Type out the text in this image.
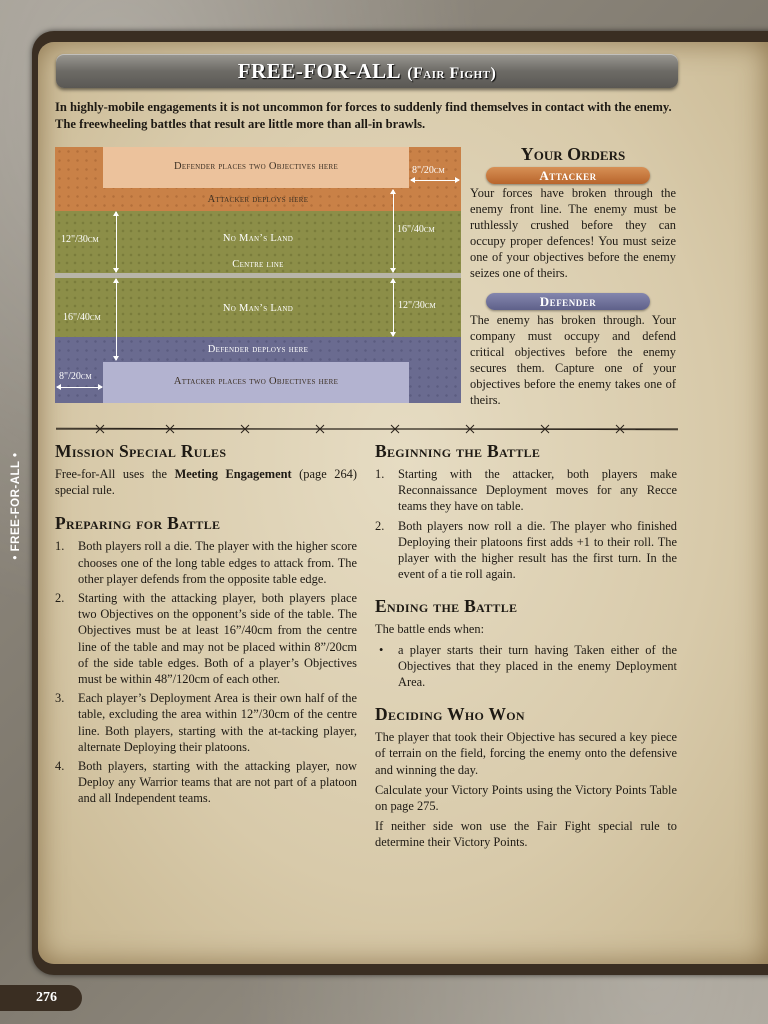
• FREE-FOR-ALL •
FREE-FOR-ALL (Fair Fight)
In highly-mobile engagements it is not uncommon for forces to suddenly find themselves in contact with the enemy. The freewheeling battles that result are little more than all-in brawls.
Defender places two Objectives here
Attacker deploys here
No Man’s Land
Centre line
No Man’s Land
Defender deploys here
Attacker places two Objectives here
8"/20cm
12"/30cm
16"/40cm
16"/40cm
12"/30cm
8"/20cm
Your Orders
Attacker
Your forces have broken through the enemy front line. The enemy must be ruthlessly crushed before they can occupy proper defences! You must seize one of your objectives before the enemy seizes one of theirs.
Defender
The enemy has broken through. Your company must occupy and defend critical objectives before the enemy secures them. Capture one of your objectives before the enemy takes one of theirs.
Mission Special Rules
Free-for-All uses the Meeting Engagement (page 264) special rule.
Preparing for Battle
1. Both players roll a die. The player with the higher score chooses one of the long table edges to attack from. The other player defends from the opposite table edge.
2. Starting with the attacking player, both players place two Objectives on the opponent’s side of the table. The Objectives must be at least 16”/40cm from the centre line of the table and may not be placed within 8”/20cm of the side table edges. Both of a player’s Objectives must be within 48”/120cm of each other.
3. Each player’s Deployment Area is their own half of the table, excluding the area within 12”/30cm of the centre line. Both players, starting with the at-tacking player, alternate Deploying their platoons.
4. Both players, starting with the attacking player, now Deploy any Warrior teams that are not part of a platoon and all Independent teams.
Beginning the Battle
1. Starting with the attacker, both players make Reconnaissance Deployment moves for any Recce teams they have on table.
2. Both players now roll a die. The player who finished Deploying their platoons first adds +1 to their roll. The player with the higher result has the first turn. In the event of a tie roll again.
Ending the Battle
The battle ends when:
• a player starts their turn having Taken either of the Objectives that they placed in the enemy Deployment Area.
Deciding Who Won
The player that took their Objective has secured a key piece of terrain on the field, forcing the enemy onto the defensive and winning the day.
Calculate your Victory Points using the Victory Points Table on page 275.
If neither side won use the Fair Fight special rule to determine their Victory Points.
276
